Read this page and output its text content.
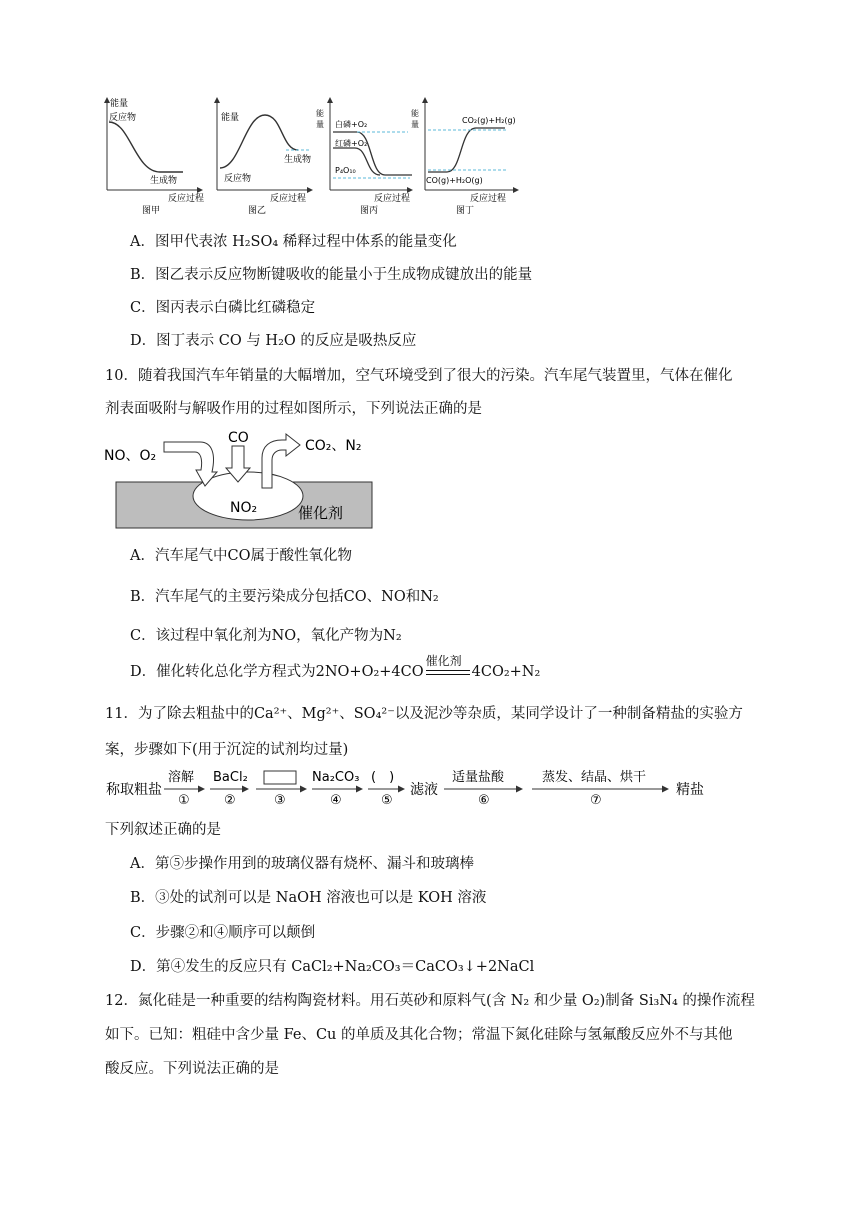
能量
反应物
生成物
反应过程
图甲
能量
生成物
反应物
反应过程
图乙
能
量 白磷+O₂
红磷+O₂
P₄O₁₀
反应过程
图丙
能
量	CO₂(g)+H₂(g)
CO(g)+H₂O(g)
反应过程
图丁
A．图甲代表浓 H₂SO₄ 稀释过程中体系的能量变化
B．图乙表示反应物断键吸收的能量小于生成物成键放出的能量
C．图丙表示白磷比红磷稳定
D．图丁表示 CO 与 H₂O 的反应是吸热反应
10．随着我国汽车年销量的大幅增加，空气环境受到了很大的污染。汽车尾气装置里，气体在催化
剂表面吸附与解吸作用的过程如图所示，下列说法正确的是
NO、O₂
CO	CO₂、N₂
NO₂	催化剂
A．汽车尾气中CO属于酸性氧化物
B．汽车尾气的主要污染成分包括CO、NO和N₂
C．该过程中氧化剂为NO，氧化产物为N₂
D．催化转化总化学方程式为2NO+O₂+4CO
催化剂
4CO₂+N₂
11．为了除去粗盐中的Ca²⁺、Mg²⁺、SO₄²⁻以及泥沙等杂质，某同学设计了一种制备精盐的实验方
案，步骤如下(用于沉淀的试剂均过量)
称取粗盐
溶解
①
BaCl₂
②	③
Na₂CO₃
④
(　)
⑤
滤液
适量盐酸
⑥
蒸发、结晶、烘干
⑦
精盐
下列叙述正确的是
A．第⑤步操作用到的玻璃仪器有烧杯、漏斗和玻璃棒
B．③处的试剂可以是 NaOH 溶液也可以是 KOH 溶液
C．步骤②和④顺序可以颠倒
D．第④发生的反应只有 CaCl₂+Na₂CO₃＝CaCO₃↓+2NaCl
12．氮化硅是一种重要的结构陶瓷材料。用石英砂和原料气(含 N₂ 和少量 O₂)制备 Si₃N₄ 的操作流程
如下。已知：粗硅中含少量 Fe、Cu 的单质及其化合物；常温下氮化硅除与氢氟酸反应外不与其他
酸反应。下列说法正确的是
